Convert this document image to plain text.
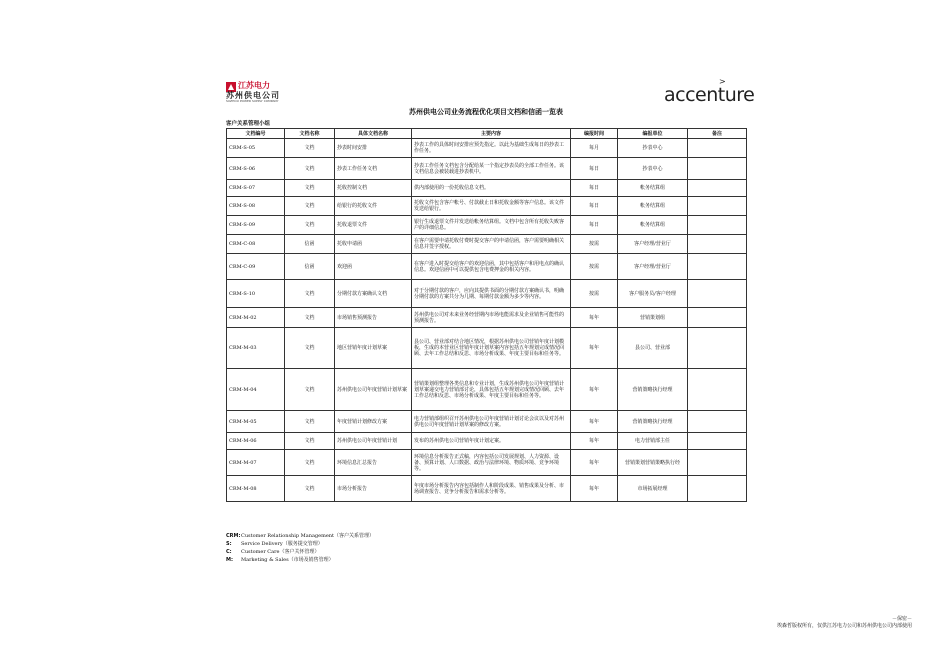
江苏电力
苏州供电公司
SUZHOU POWER SUPPLY COMPANY	accenture
>
苏州供电公司业务流程优化项目文档和信函一览表
客户关系管理小组
文档编号	文档名称	具体文档名称	主要内容	编报时间	编报单位	备注
CRM-S-05	文档	抄表时间安排	抄表工作的具体时间安排应预先指定。以此为基础生成每日的抄表工作任务。	每月	抄表中心	
CRM-S-06	文档	抄表工作任务文档	抄表工作任务文档包含分配给某一个指定抄表员的全部工作任务。该文档信息会被装载进抄表机中。	每日	抄表中心	
CRM-S-07	文档	托收控制文档	供内部使用的一份托收信息文档。	每日	帐务结算组	
CRM-S-08	文档	给银行的托收文件	托收文件包含客户帐号、付款截止日和托收金额等客户信息。该文件发送给银行。	每日	帐务结算组	
CRM-S-09	文档	托收退票文件	银行生成退票文件并发送给帐务结算组。文档中包含所有托收失败客户的详细信息。	每日	帐务结算组	
CRM-C-08	信函	托收申请函	在客户需要申请托收付费时提交客户的申请信函，客户需要明确相关信息并签字授权。	按需	客户经理/营业厅	
CRM-C-09	信函	欢迎函	在客户进入时提交给客户的欢迎信函，其中包括客户和用电点的确认信息。欢迎信函中可以提供包含电费押金的相关内容。	按需	客户经理/营业厅	
CRM-S-10	文档	分期付款方案确认文档	对于分期付款的客户，应向其提供书面的分期付款方案确认书，明确分期付款的方案共分为几期、每期付款金额为多少等内容。	按需	客户服务员/客户经理	
CRM-M-02	文档	市场销售预测报告	苏州供电公司对未来业务经营期内市场电能需求及企业销售可能性的预测报告。	每年	营销策划组	
CRM-M-03	文档	地区营销年度计划草案	县公司、营业部对结合地区情况，根据苏州供电公司营销年度计划模板，生成的本营业区营销年度计划草案内容包括五年规划完成情况回顾、去年工作总结和反思、市场分析成果、年度主要目标和任务等。	每年	县公司、营业部	
CRM-M-04	文档	苏州供电公司年度营销计划草案	营销策划组整理各类信息和专业计划，生成苏州供电公司年度营销计划草案递交电力营销部讨论，具体包括五年规划完成情况回顾、去年工作总结和反思、市场分析成果、年度主要目标和任务等。	每年	营销策略执行经理	
CRM-M-05	文档	年度营销计划修改方案	电力营销部组织召开苏州供电公司年度营销计划讨论会议以及对苏州供电公司年度营销计划草案的修改方案。	每年	营销策略执行经理	
CRM-M-06	文档	苏州供电公司年度营销计划	发布的苏州供电公司营销年度计划定案。	每年	电力营销部主任	
CRM-M-07	文档	环境信息汇总报告	环境信息分析报告正式稿，内容包括公司发展规划、人力资源、设备、预算计划、人口数据、政治与法律环境、物质环境、竞争环境等。	每年	营销策划营销策略执行经	
CRM-M-08	文档	市场分析报告	年度市场分析报告内容包括制作人和阶段成果、销售成果及分析、市场调查报告、竞争分析报告和需求分析等。	每年	市场拓展经理	
CRM:Customer Relationship Management（客户关系管理）
S: Service Delivery（服务提交管理）
C: Customer Care（客户关怀管理）
M: Marketing & Sales（市场及销售管理）
－保密－
埃森哲版权所有，仅供江苏电力公司和苏州供电公司内部使用
